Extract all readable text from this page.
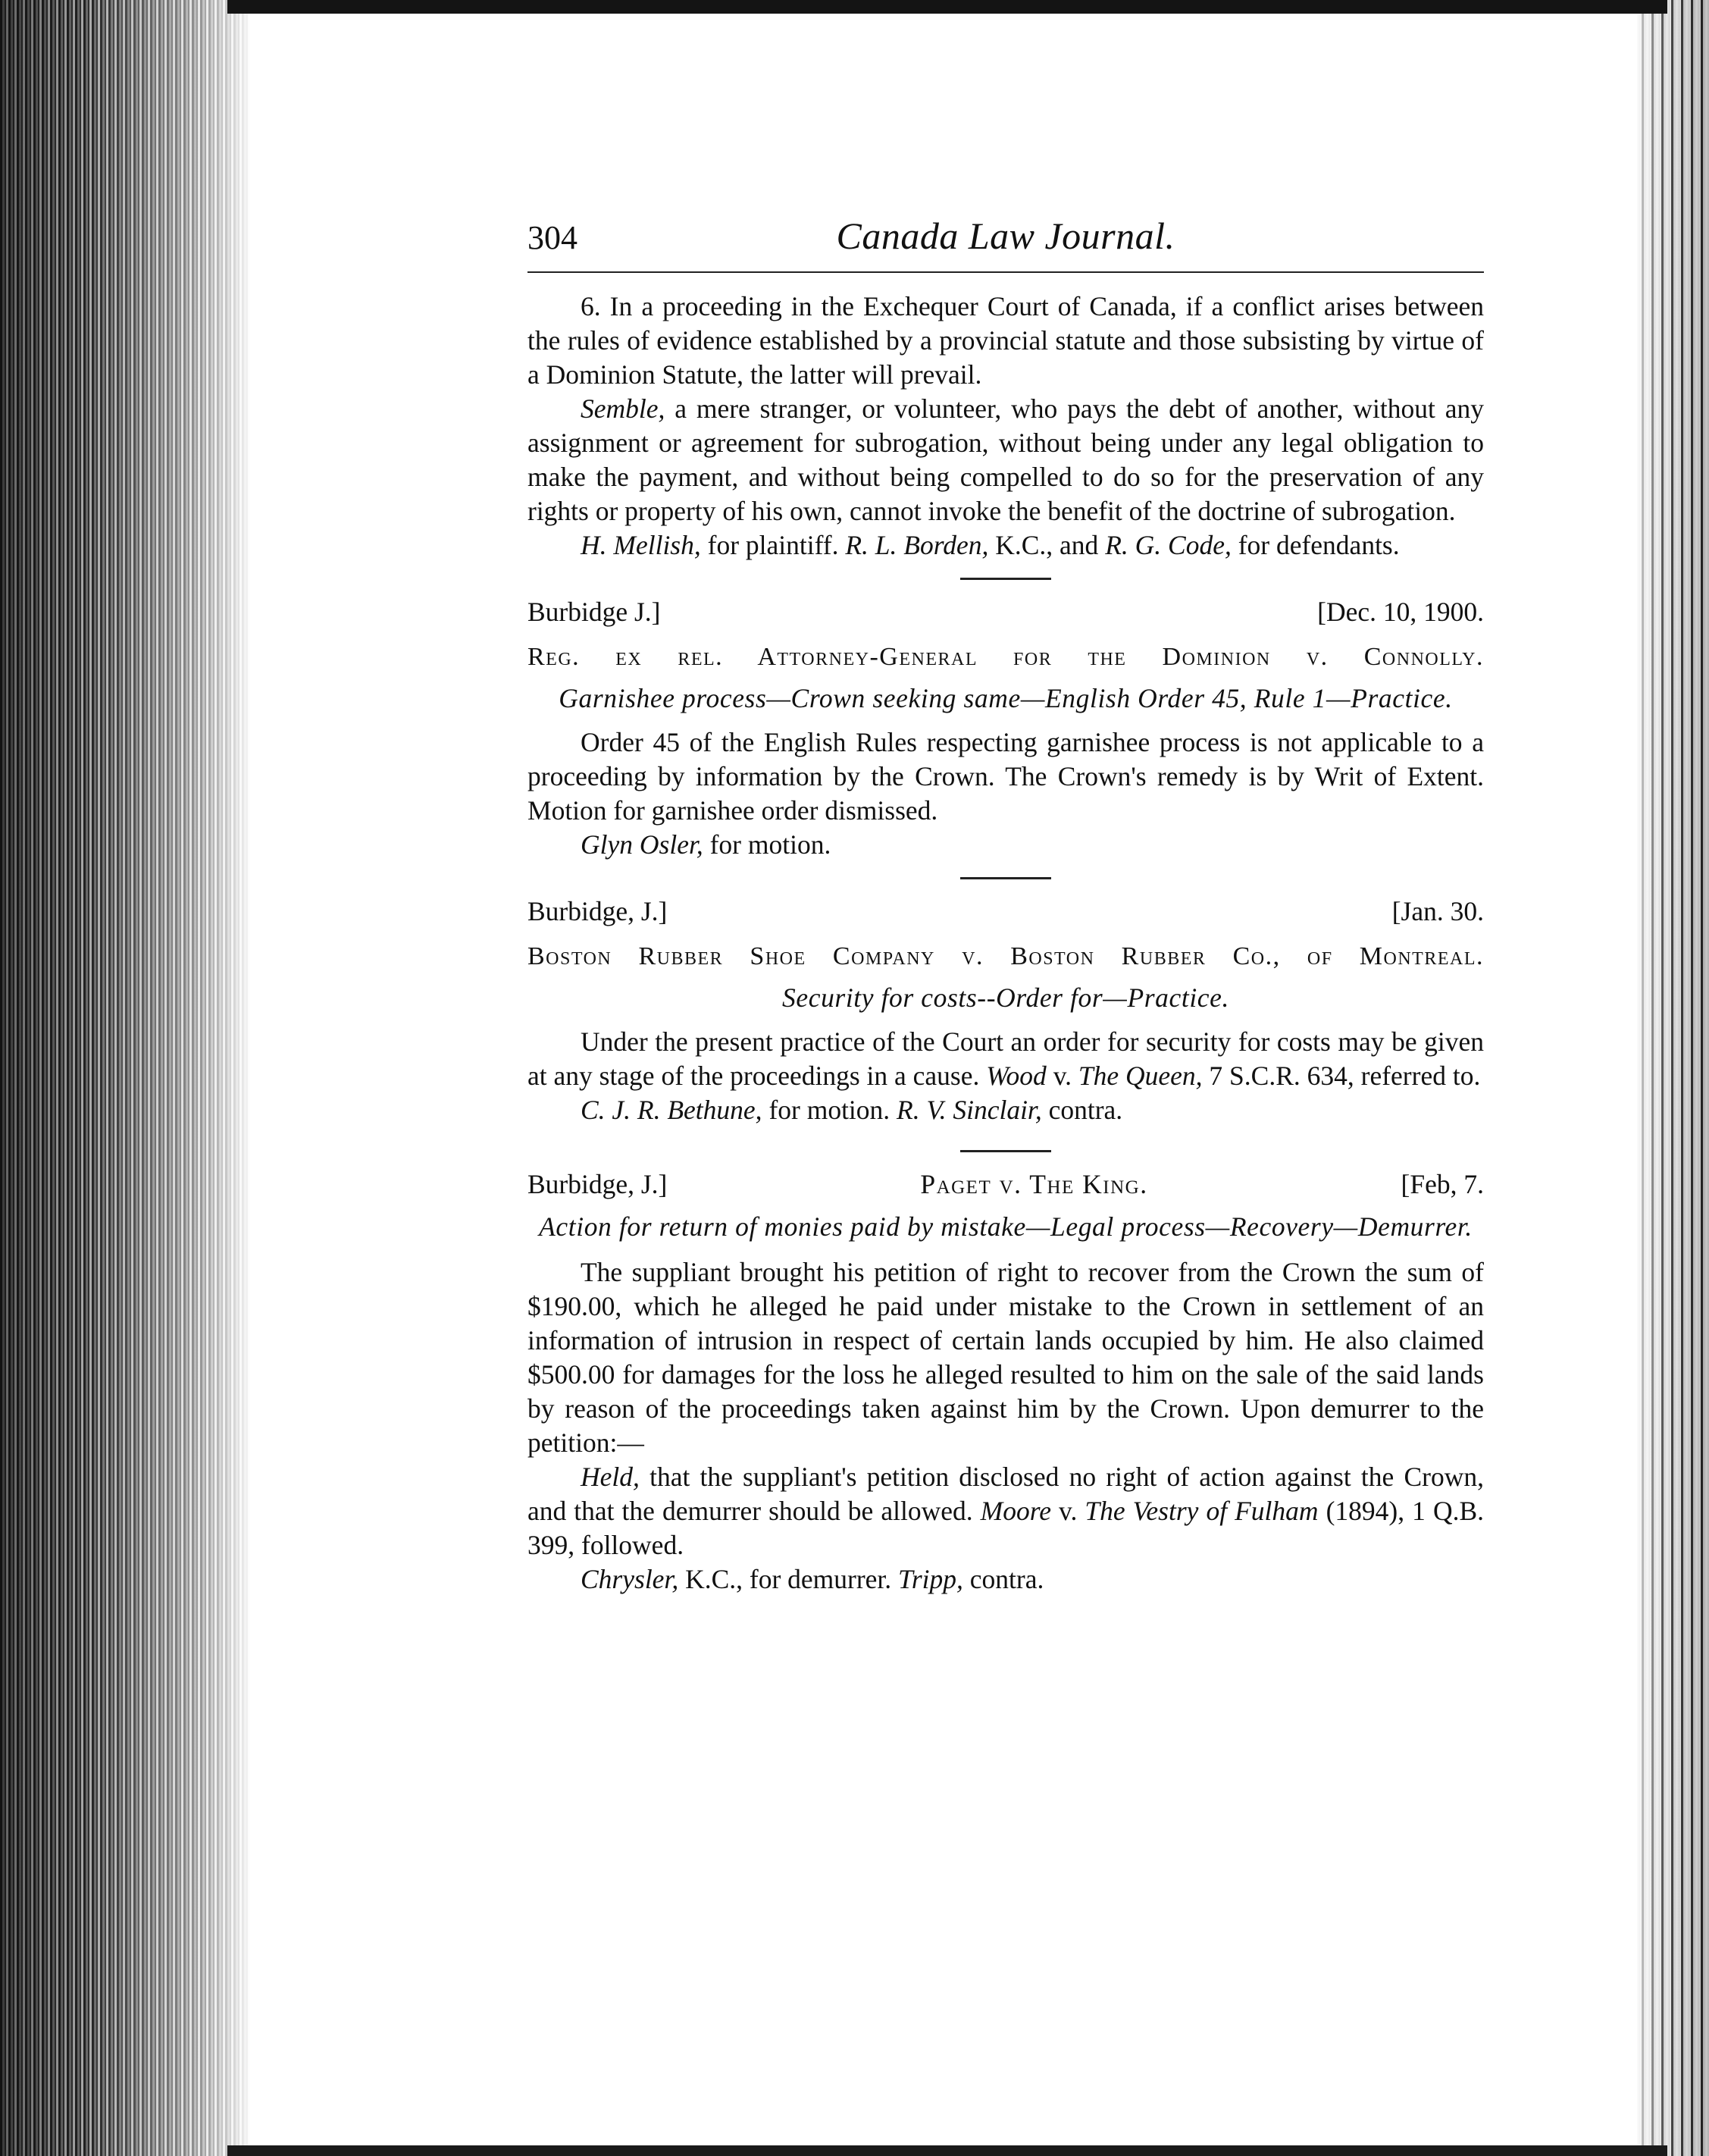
304	Canada Law Journal.

6. In a proceeding in the Exchequer Court of Canada, if a conflict arises between the rules of evidence established by a provincial statute and those subsisting by virtue of a Dominion Statute, the latter will prevail.

Semble, a mere stranger, or volunteer, who pays the debt of another, without any assignment or agreement for subrogation, without being under any legal obligation to make the payment, and without being compelled to do so for the preservation of any rights or property of his own, cannot invoke the benefit of the doctrine of subrogation.

H. Mellish, for plaintiff. R. L. Borden, K.C., and R. G. Code, for defendants.

Burbidge J.]	[Dec. 10, 1900.
Reg. ex rel. Attorney-General for the Dominion v. Connolly.
Garnishee process—Crown seeking same—English Order 45, Rule 1—Practice.

Order 45 of the English Rules respecting garnishee process is not applicable to a proceeding by information by the Crown. The Crown's remedy is by Writ of Extent. Motion for garnishee order dismissed.

Glyn Osler, for motion.

Burbidge, J.]	[Jan. 30.
Boston Rubber Shoe Company v. Boston Rubber Co., of Montreal.
Security for costs--Order for—Practice.

Under the present practice of the Court an order for security for costs may be given at any stage of the proceedings in a cause. Wood v. The Queen, 7 S.C.R. 634, referred to.

C. J. R. Bethune, for motion. R. V. Sinclair, contra.

Burbidge, J.]	Paget v. The King.	[Feb, 7.
Action for return of monies paid by mistake—Legal process—Recovery—Demurrer.

The suppliant brought his petition of right to recover from the Crown the sum of $190.00, which he alleged he paid under mistake to the Crown in settlement of an information of intrusion in respect of certain lands occupied by him. He also claimed $500.00 for damages for the loss he alleged resulted to him on the sale of the said lands by reason of the proceedings taken against him by the Crown. Upon demurrer to the petition:—

Held, that the suppliant's petition disclosed no right of action against the Crown, and that the demurrer should be allowed. Moore v. The Vestry of Fulham (1894), 1 Q.B. 399, followed.

Chrysler, K.C., for demurrer. Tripp, contra.
